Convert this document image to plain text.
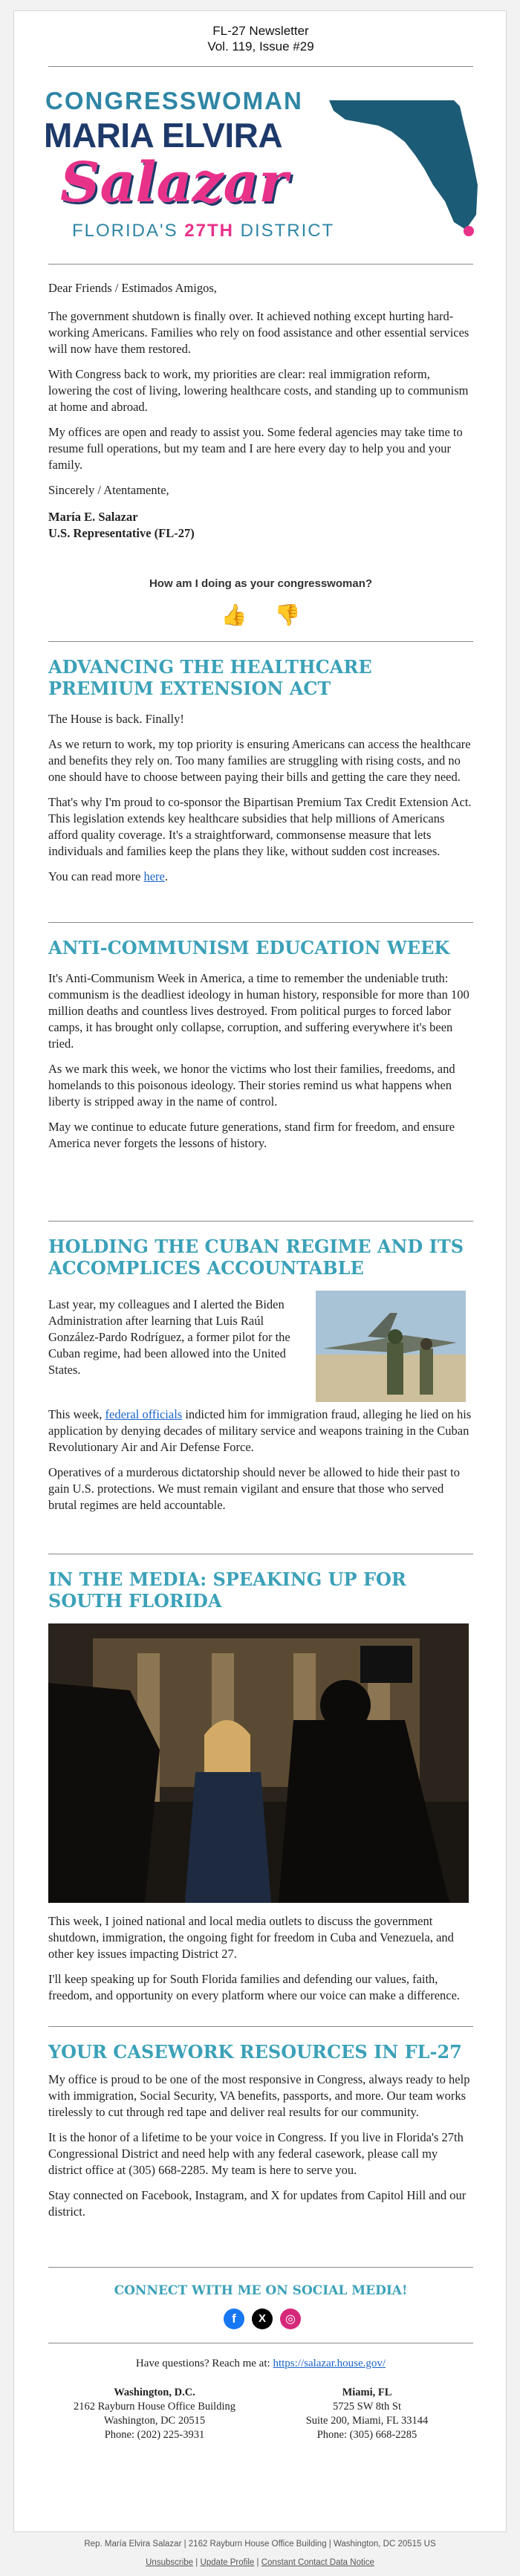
FL-27 Newsletter
Vol. 119, Issue #29
CONGRESSWOMAN
MARIA ELVIRA
Salazar
FLORIDA'S 27TH DISTRICT
Dear Friends / Estimados Amigos,
The government shutdown is finally over. It achieved nothing except hurting hard-working Americans. Families who rely on food assistance and other essential services will now have them restored.
With Congress back to work, my priorities are clear: real immigration reform, lowering the cost of living, lowering healthcare costs, and standing up to communism at home and abroad.
My offices are open and ready to assist you. Some federal agencies may take time to resume full operations, but my team and I are here every day to help you and your family.
Sincerely / Atentamente,
María E. Salazar
U.S. Representative (FL-27)
How am I doing as your congresswoman?
👍 👎
ADVANCING THE HEALTHCARE PREMIUM EXTENSION ACT
The House is back. Finally!
As we return to work, my top priority is ensuring Americans can access the healthcare and benefits they rely on. Too many families are struggling with rising costs, and no one should have to choose between paying their bills and getting the care they need.
That's why I'm proud to co-sponsor the Bipartisan Premium Tax Credit Extension Act. This legislation extends key healthcare subsidies that help millions of Americans afford quality coverage. It's a straightforward, commonsense measure that lets individuals and families keep the plans they like, without sudden cost increases.
You can read more here.
ANTI-COMMUNISM EDUCATION WEEK
It's Anti-Communism Week in America, a time to remember the undeniable truth: communism is the deadliest ideology in human history, responsible for more than 100 million deaths and countless lives destroyed. From political purges to forced labor camps, it has brought only collapse, corruption, and suffering everywhere it's been tried.
As we mark this week, we honor the victims who lost their families, freedoms, and homelands to this poisonous ideology. Their stories remind us what happens when liberty is stripped away in the name of control.
May we continue to educate future generations, stand firm for freedom, and ensure America never forgets the lessons of history.
HOLDING THE CUBAN REGIME AND ITS ACCOMPLICES ACCOUNTABLE
Last year, my colleagues and I alerted the Biden Administration after learning that Luis Raúl González-Pardo Rodríguez, a former pilot for the Cuban regime, had been allowed into the United States.
This week, federal officials indicted him for immigration fraud, alleging he lied on his application by denying decades of military service and weapons training in the Cuban Revolutionary Air and Air Defense Force.
Operatives of a murderous dictatorship should never be allowed to hide their past to gain U.S. protections. We must remain vigilant and ensure that those who served brutal regimes are held accountable.
IN THE MEDIA: SPEAKING UP FOR SOUTH FLORIDA
This week, I joined national and local media outlets to discuss the government shutdown, immigration, the ongoing fight for freedom in Cuba and Venezuela, and other key issues impacting District 27.
I'll keep speaking up for South Florida families and defending our values, faith, freedom, and opportunity on every platform where our voice can make a difference.
YOUR CASEWORK RESOURCES IN FL-27
My office is proud to be one of the most responsive in Congress, always ready to help with immigration, Social Security, VA benefits, passports, and more. Our team works tirelessly to cut through red tape and deliver real results for our community.
It is the honor of a lifetime to be your voice in Congress. If you live in Florida's 27th Congressional District and need help with any federal casework, please call my district office at (305) 668-2285. My team is here to serve you.
Stay connected on Facebook, Instagram, and X for updates from Capitol Hill and our district.
CONNECT WITH ME ON SOCIAL MEDIA!
f	X	◎
Have questions? Reach me at: https://salazar.house.gov/
Washington, D.C.
2162 Rayburn House Office Building
Washington, DC 20515
Phone: (202) 225-3931
Miami, FL
5725 SW 8th St
Suite 200, Miami, FL 33144
Phone: (305) 668-2285
Rep. María Elvira Salazar | 2162 Rayburn House Office Building | Washington, DC 20515 US
Unsubscribe | Update Profile | Constant Contact Data Notice
